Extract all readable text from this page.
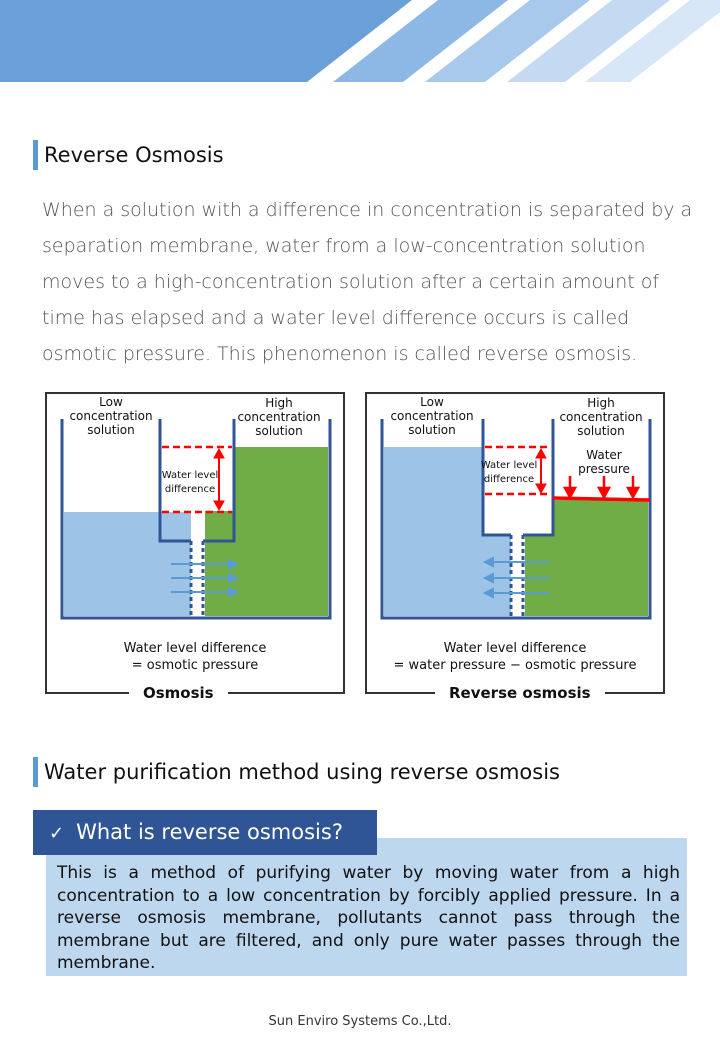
Reverse Osmosis
When a solution with a difference in concentration is separated by a separation membrane, water from a low-concentration solution moves to a high-concentration solution after a certain amount of time has elapsed and a water level difference occurs is called osmotic pressure. This phenomenon is called reverse osmosis.
Water level
difference
Low
concentration
solution
High
concentration
solution
Water level difference
= osmotic pressure
Osmosis
Water level
difference
Water
pressure
Low
concentration
solution
High
concentration
solution
Water level difference
= water pressure − osmotic pressure
Reverse osmosis
Water purification method using reverse osmosis
This is a method of purifying water by moving water from a high concentration to a low concentration by forcibly applied pressure. In a reverse osmosis membrane, pollutants cannot pass through the membrane but are filtered, and only pure water passes through the membrane.
✓ What is reverse osmosis?
Sun Enviro Systems Co.,Ltd.
